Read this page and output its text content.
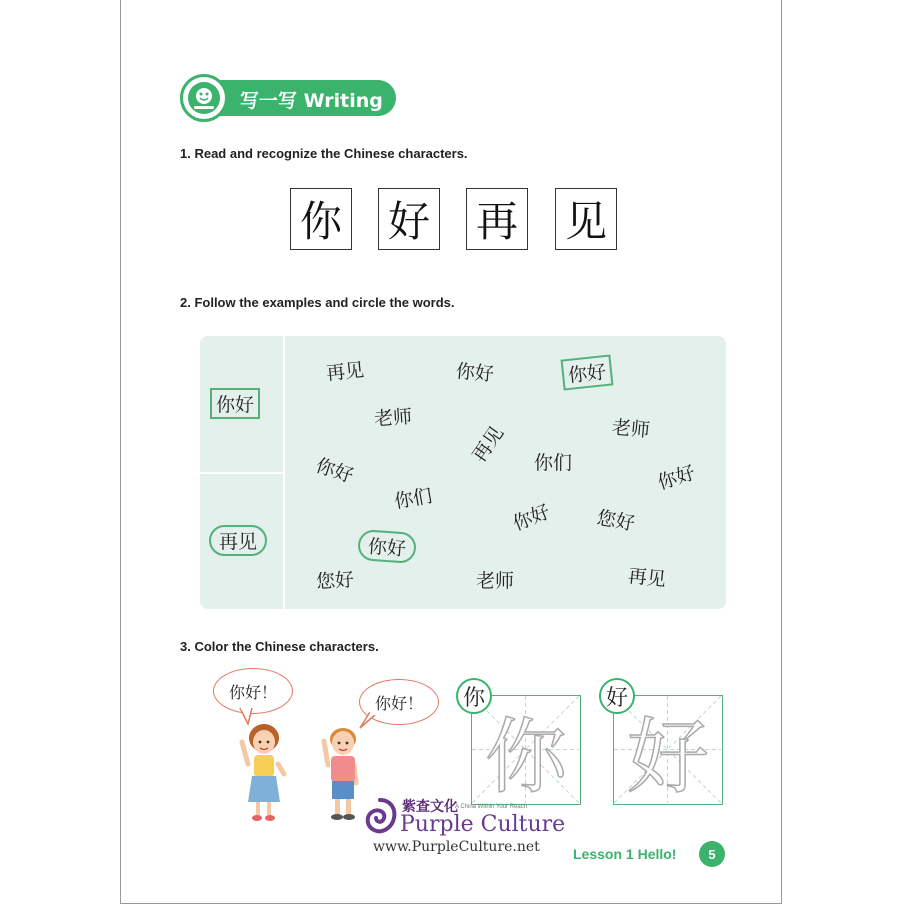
写一写 Writing
1. Read and recognize the Chinese characters.
你 好 再 见
2. Follow the examples and circle the words.
你好
再见
再见	你好	你好
老师	老师
再见 你们
你好	你好
你们
你好 您好
你好
再见
您好	老师
3. Color the Chinese characters.
你好！
你好！
你
你
好
好
紫查文化
A China Within Your Reach
Purple Culture
www.PurpleCulture.net Lesson 1 Hello!	5
